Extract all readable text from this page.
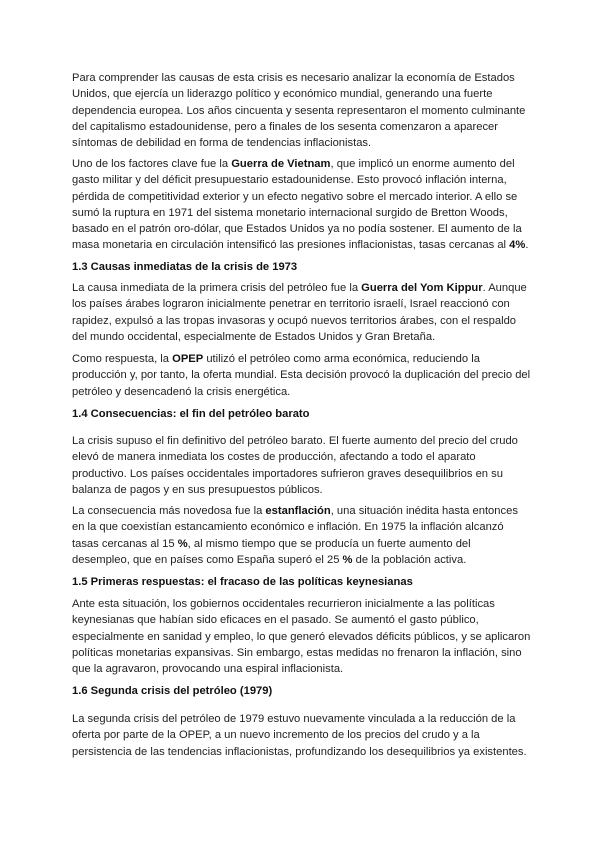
Para comprender las causas de esta crisis es necesario analizar la economía de Estados
Unidos, que ejercía un liderazgo político y económico mundial, generando una fuerte
dependencia europea. Los años cincuenta y sesenta representaron el momento culminante
del capitalismo estadounidense, pero a finales de los sesenta comenzaron a aparecer
síntomas de debilidad en forma de tendencias inflacionistas.

Uno de los factores clave fue la Guerra de Vietnam, que implicó un enorme aumento del
gasto militar y del déficit presupuestario estadounidense. Esto provocó inflación interna,
pérdida de competitividad exterior y un efecto negativo sobre el mercado interior. A ello se
sumó la ruptura en 1971 del sistema monetario internacional surgido de Bretton Woods,
basado en el patrón oro-dólar, que Estados Unidos ya no podía sostener. El aumento de la
masa monetaria en circulación intensificó las presiones inflacionistas, tasas cercanas al 4%.

1.3 Causas inmediatas de la crisis de 1973

La causa inmediata de la primera crisis del petróleo fue la Guerra del Yom Kippur. Aunque
los países árabes lograron inicialmente penetrar en territorio israelí, Israel reaccionó con
rapidez, expulsó a las tropas invasoras y ocupó nuevos territorios árabes, con el respaldo
del mundo occidental, especialmente de Estados Unidos y Gran Bretaña.

Como respuesta, la OPEP utilizó el petróleo como arma económica, reduciendo la
producción y, por tanto, la oferta mundial. Esta decisión provocó la duplicación del precio del
petróleo y desencadenó la crisis energética.

1.4 Consecuencias: el fin del petróleo barato

La crisis supuso el fin definitivo del petróleo barato. El fuerte aumento del precio del crudo
elevó de manera inmediata los costes de producción, afectando a todo el aparato
productivo. Los países occidentales importadores sufrieron graves desequilibrios en su
balanza de pagos y en sus presupuestos públicos.

La consecuencia más novedosa fue la estanflación, una situación inédita hasta entonces
en la que coexistían estancamiento económico e inflación. En 1975 la inflación alcanzó
tasas cercanas al 15 %, al mismo tiempo que se producía un fuerte aumento del
desempleo, que en países como España superó el 25 % de la población activa.

1.5 Primeras respuestas: el fracaso de las políticas keynesianas

Ante esta situación, los gobiernos occidentales recurrieron inicialmente a las políticas
keynesianas que habían sido eficaces en el pasado. Se aumentó el gasto público,
especialmente en sanidad y empleo, lo que generó elevados déficits públicos, y se aplicaron
políticas monetarias expansivas. Sin embargo, estas medidas no frenaron la inflación, sino
que la agravaron, provocando una espiral inflacionista.

1.6 Segunda crisis del petróleo (1979)

La segunda crisis del petróleo de 1979 estuvo nuevamente vinculada a la reducción de la
oferta por parte de la OPEP, a un nuevo incremento de los precios del crudo y a la
persistencia de las tendencias inflacionistas, profundizando los desequilibrios ya existentes.
